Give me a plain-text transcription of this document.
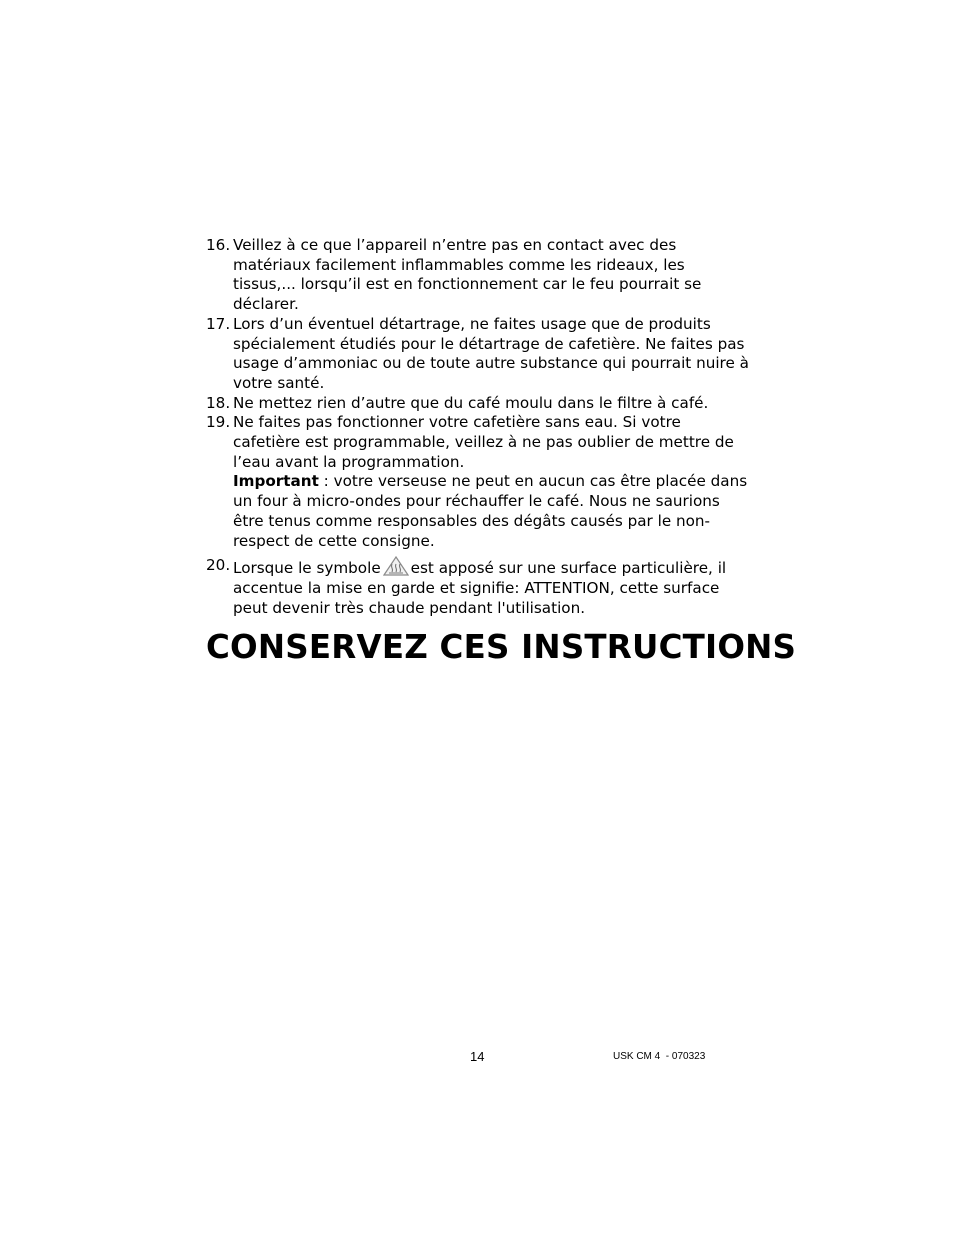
16. Veillez à ce que l’appareil n’entre pas en contact avec des matériaux facilement inflammables comme les rideaux, les tissus,... lorsqu’il est en fonctionnement car le feu pourrait se déclarer.
17. Lors d’un éventuel détartrage, ne faites usage que de produits spécialement étudiés pour le détartrage de cafetière. Ne faites pas usage d’ammoniac ou de toute autre substance qui pourrait nuire à votre santé.
18. Ne mettez rien d’autre que du café moulu dans le filtre à café.
19. Ne faites pas fonctionner votre cafetière sans eau. Si votre cafetière est programmable, veillez à ne pas oublier de mettre de l’eau avant la programmation.
Important : votre verseuse ne peut en aucun cas être placée dans un four à micro-ondes pour réchauffer le café. Nous ne saurions être tenus comme responsables des dégâts causés par le non-respect de cette consigne.
20. Lorsque le symbole est apposé sur une surface particulière, il accentue la mise en garde et signifie: ATTENTION, cette surface peut devenir très chaude pendant l'utilisation.
CONSERVEZ CES INSTRUCTIONS
14	USK CM 4  - 070323
